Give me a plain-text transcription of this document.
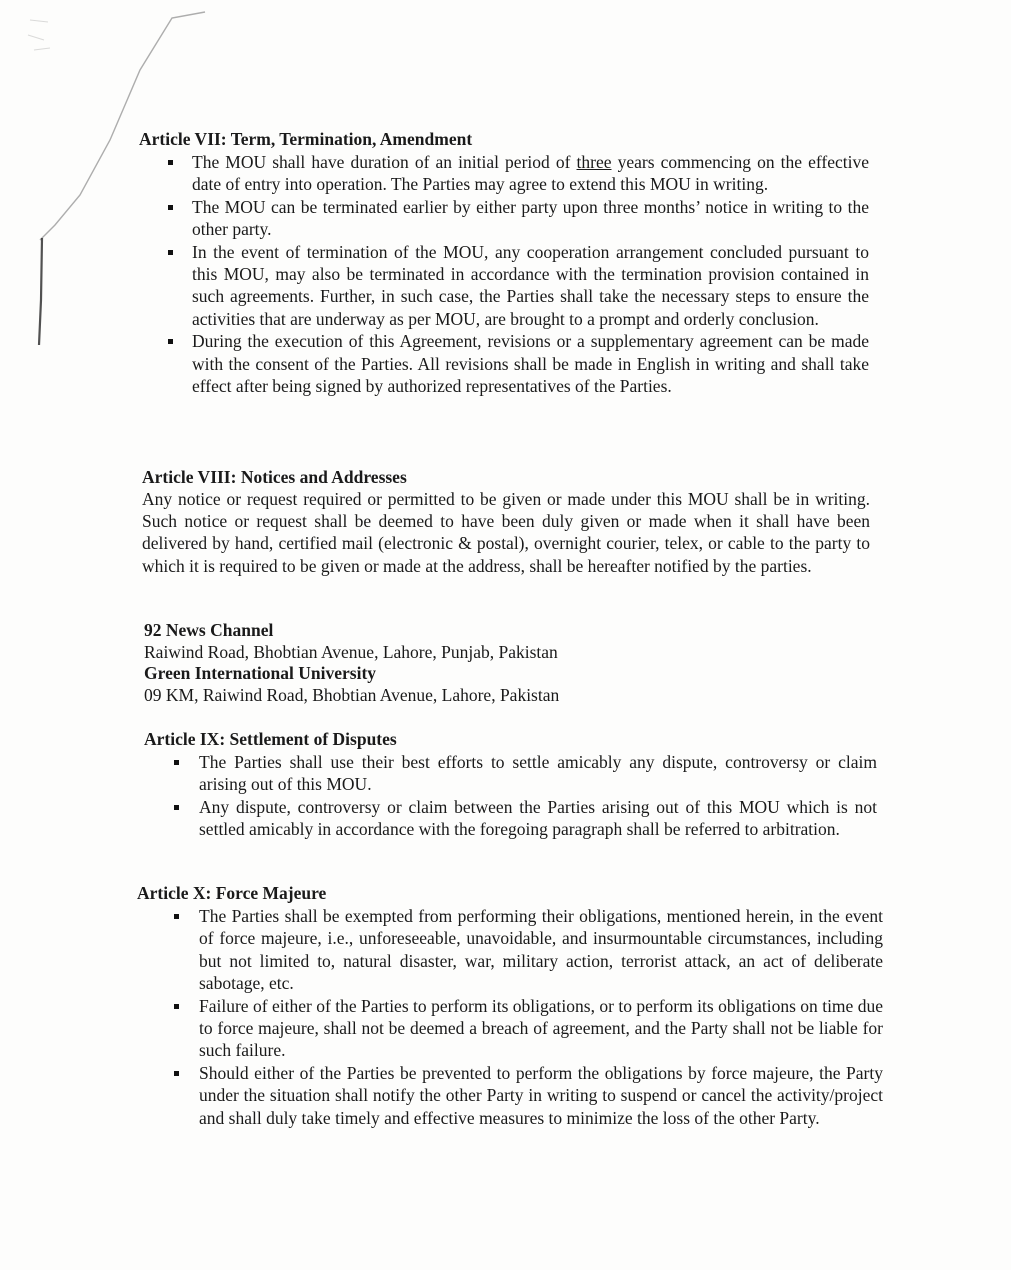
Article VII: Term, Termination, Amendment

The MOU shall have duration of an initial period of three years commencing on the effective date of entry into operation. The Parties may agree to extend this MOU in writing.
The MOU can be terminated earlier by either party upon three months’ notice in writing to the other party.
In the event of termination of the MOU, any cooperation arrangement concluded pursuant to this MOU, may also be terminated in accordance with the termination provision contained in such agreements. Further, in such case, the Parties shall take the necessary steps to ensure the activities that are underway as per MOU, are brought to a prompt and orderly conclusion.
During the execution of this Agreement, revisions or a supplementary agreement can be made with the consent of the Parties. All revisions shall be made in English in writing and shall take effect after being signed by authorized representatives of the Parties.

Article VIII: Notices and Addresses

Any notice or request required or permitted to be given or made under this MOU shall be in writing. Such notice or request shall be deemed to have been duly given or made when it shall have been delivered by hand, certified mail (electronic & postal), overnight courier, telex, or cable to the party to which it is required to be given or made at the address, shall be hereafter notified by the parties.

92 News Channel

Raiwind Road, Bhobtian Avenue, Lahore, Punjab, Pakistan

Green International University

09 KM, Raiwind Road, Bhobtian Avenue, Lahore, Pakistan

Article IX: Settlement of Disputes

The Parties shall use their best efforts to settle amicably any dispute, controversy or claim arising out of this MOU.
Any dispute, controversy or claim between the Parties arising out of this MOU which is not settled amicably in accordance with the foregoing paragraph shall be referred to arbitration.

Article X: Force Majeure

The Parties shall be exempted from performing their obligations, mentioned herein, in the event of force majeure, i.e., unforeseeable, unavoidable, and insurmountable circumstances, including but not limited to, natural disaster, war, military action, terrorist attack, an act of deliberate sabotage, etc.
Failure of either of the Parties to perform its obligations, or to perform its obligations on time due to force majeure, shall not be deemed a breach of agreement, and the Party shall not be liable for such failure.
Should either of the Parties be prevented to perform the obligations by force majeure, the Party under the situation shall notify the other Party in writing to suspend or cancel the activity/project and shall duly take timely and effective measures to minimize the loss of the other Party.
